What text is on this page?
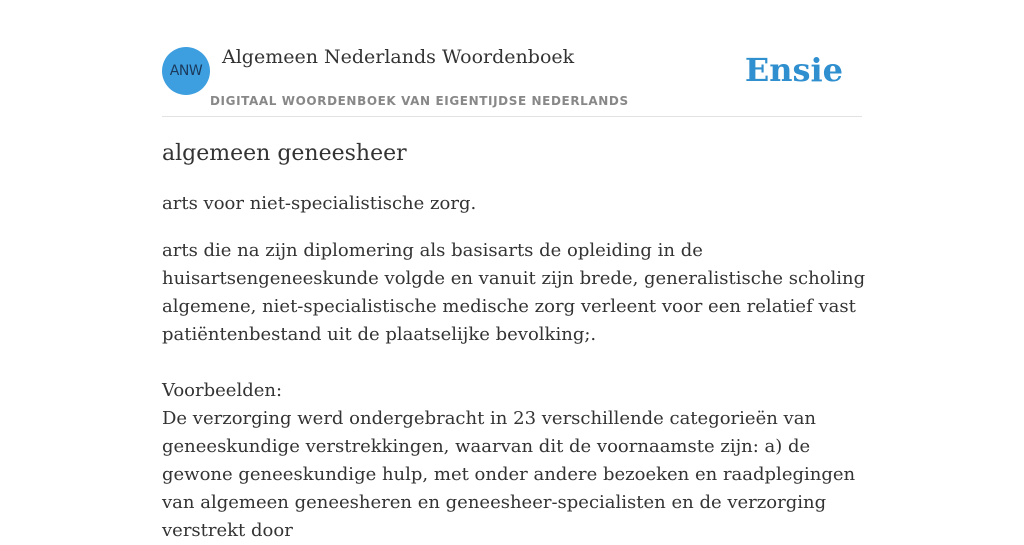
ANW
Algemeen Nederlands Woordenboek
DIGITAAL WOORDENBOEK VAN EIGENTIJDSE NEDERLANDS
Ensie
algemeen geneesheer

arts voor niet-specialistische zorg.

arts die na zijn diplomering als basisarts de opleiding in de huisartsengeneeskunde volgde en vanuit zijn brede, generalistische scholing algemene, niet-specialistische medische zorg verleent voor een relatief vast patiëntenbestand uit de plaatselijke bevolking;.

Voorbeelden:
De verzorging werd ondergebracht in 23 verschillende categorieën van geneeskundige verstrekkingen, waarvan dit de voornaamste zijn: a) de gewone geneeskundige hulp, met onder andere bezoeken en raadplegingen van algemeen geneesheren en geneesheer-specialisten en de verzorging verstrekt door
